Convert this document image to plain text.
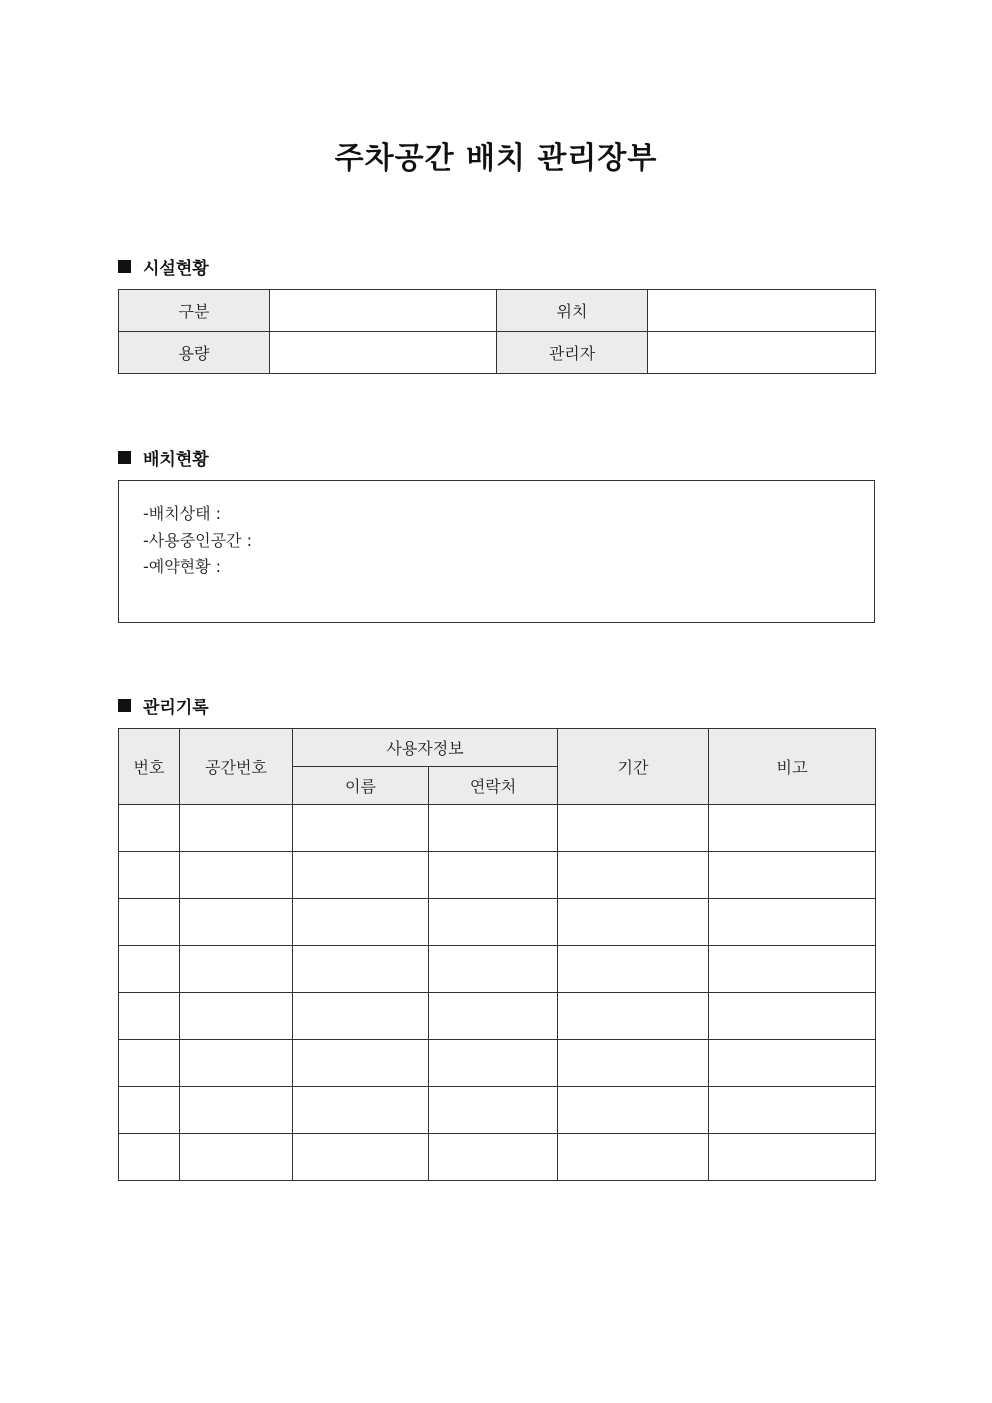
주차공간 배치 관리장부
시설현황
구분		위치	
용량		관리자	
배치현황
-배치상태 :
-사용중인공간 :
-예약현황 :
관리기록
번호	공간번호	사용자정보		기간	비고
		이름	연락처		
